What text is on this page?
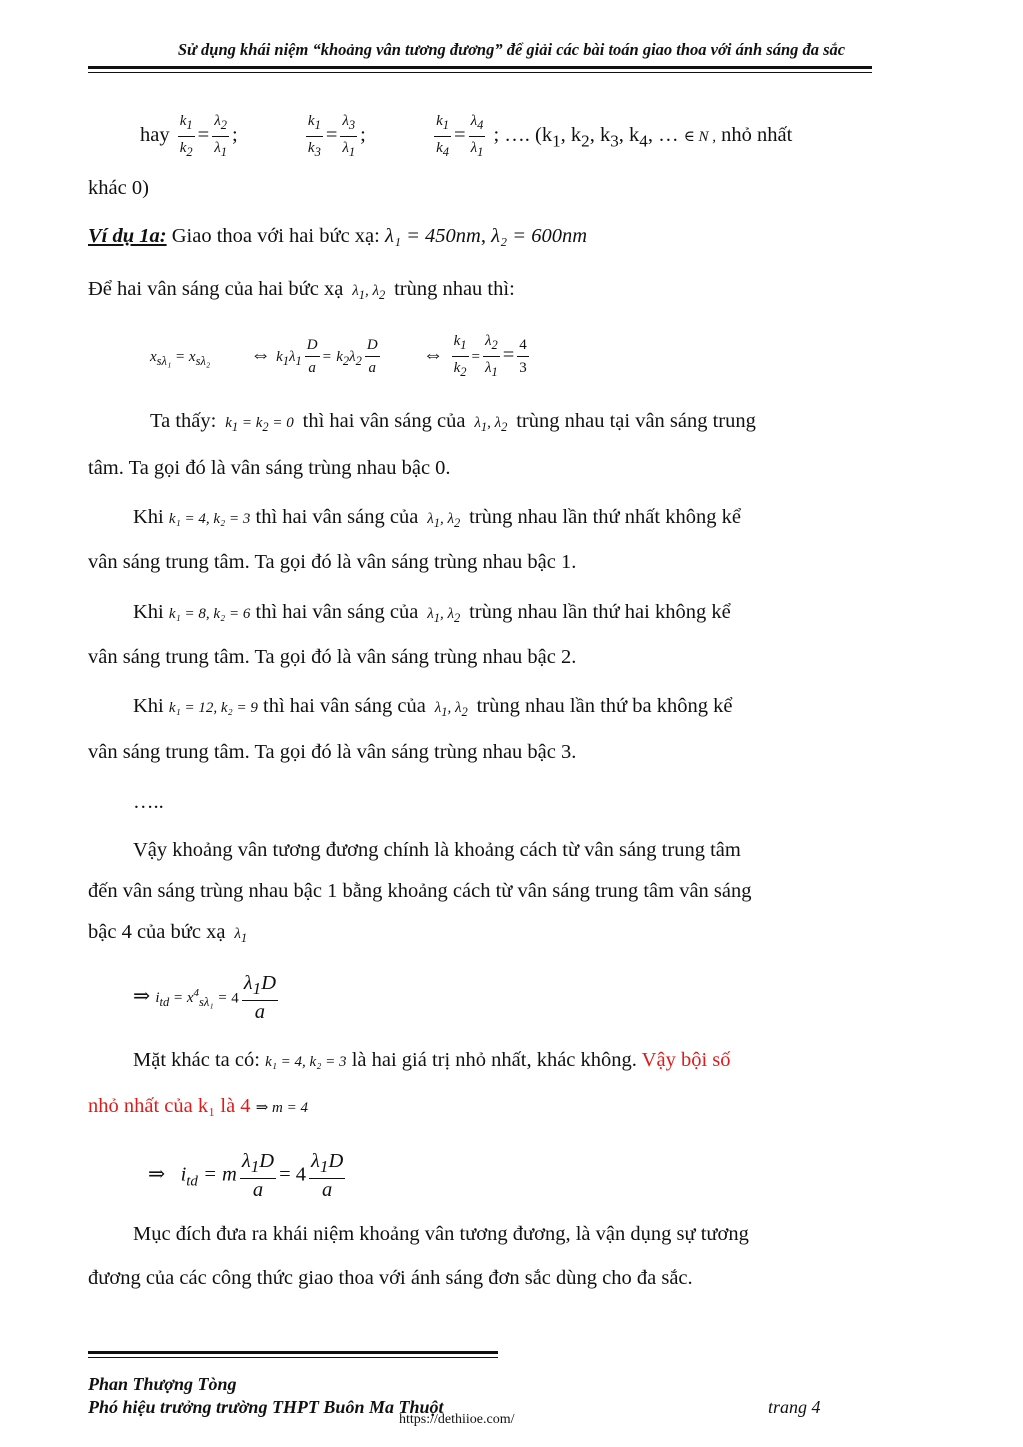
Sử dụng khái niệm “khoảng vân tương đương” để giải các bài toán giao thoa với ánh sáng đa sắc
hay $\frac{k_1}{k_2} = \frac{\lambda_2}{\lambda_1}$ ;	$\frac{k_1}{k_3} = \frac{\lambda_3}{\lambda_1}$ ;	$\frac{k_1}{k_4} = \frac{\lambda_4}{\lambda_1}$ ; …. ($k_1$, $k_2$, $k_3$, $k_4$, … ∈ N , nhỏ nhất
khác 0)
Ví dụ 1a: Giao thoa với hai bức xạ: λ₁ = 450nm, λ₂ = 600nm
Để hai vân sáng của hai bức xạ  $\lambda_1$, $\lambda_2$ trùng nhau thì:
$x_{s\lambda_1} = x_{s\lambda_2}$ ⇔ $k_1\lambda_1 \frac{D}{a} = k_2\lambda_2 \frac{D}{a}$ ⇔ $\frac{k_1}{k_2} = \frac{\lambda_2}{\lambda_1} = \frac{4}{3}$
Ta thấy:  $k_1 = k_2 = 0$  thì hai vân sáng của  $\lambda_1$, $\lambda_2$ trùng nhau tại vân sáng trung
tâm. Ta gọi đó là vân sáng trùng nhau bậc 0.
Khi k₁ = 4, k₂ = 3 thì hai vân sáng của  $\lambda_1$, $\lambda_2$ trùng nhau lần thứ nhất không kể
vân sáng trung tâm. Ta gọi đó là vân sáng trùng nhau bậc 1.
Khi k₁ = 8, k₂ = 6 thì hai vân sáng của  $\lambda_1$, $\lambda_2$ trùng nhau lần thứ hai không kể
vân sáng trung tâm. Ta gọi đó là vân sáng trùng nhau bậc 2.
Khi k₁ = 12, k₂ = 9 thì hai vân sáng của  $\lambda_1$, $\lambda_2$ trùng nhau lần thứ ba không kể
vân sáng trung tâm. Ta gọi đó là vân sáng trùng nhau bậc 3.
…..
Vậy khoảng vân tương đương chính là khoảng cách từ vân sáng trung tâm
đến vân sáng trùng nhau bậc 1 bằng khoảng cách từ vân sáng trung tâm vân sáng
bậc 4 của bức xạ  $\lambda_1$
⇒ $i_{td} = x^4_{s\lambda_1} = 4 \frac{\lambda_1D}{a}$
Mặt khác ta có: k₁ = 4, k₂ = 3 là hai giá trị nhỏ nhất, khác không. Vậy bội số
nhỏ nhất của k₁ là 4 ⇒ m = 4
⇒   $i_{td} = m \frac{\lambda_1D}{a} = 4 \frac{\lambda_1D}{a}$
Mục đích đưa ra khái niệm khoảng vân tương đương, là vận dụng sự tương
đương của các công thức giao thoa với ánh sáng đơn sắc dùng cho đa sắc.
Phan Thượng Tòng
Phó hiệu trưởng trường THPT Buôn Ma Thuột	trang 4
https://dethiioe.com/
